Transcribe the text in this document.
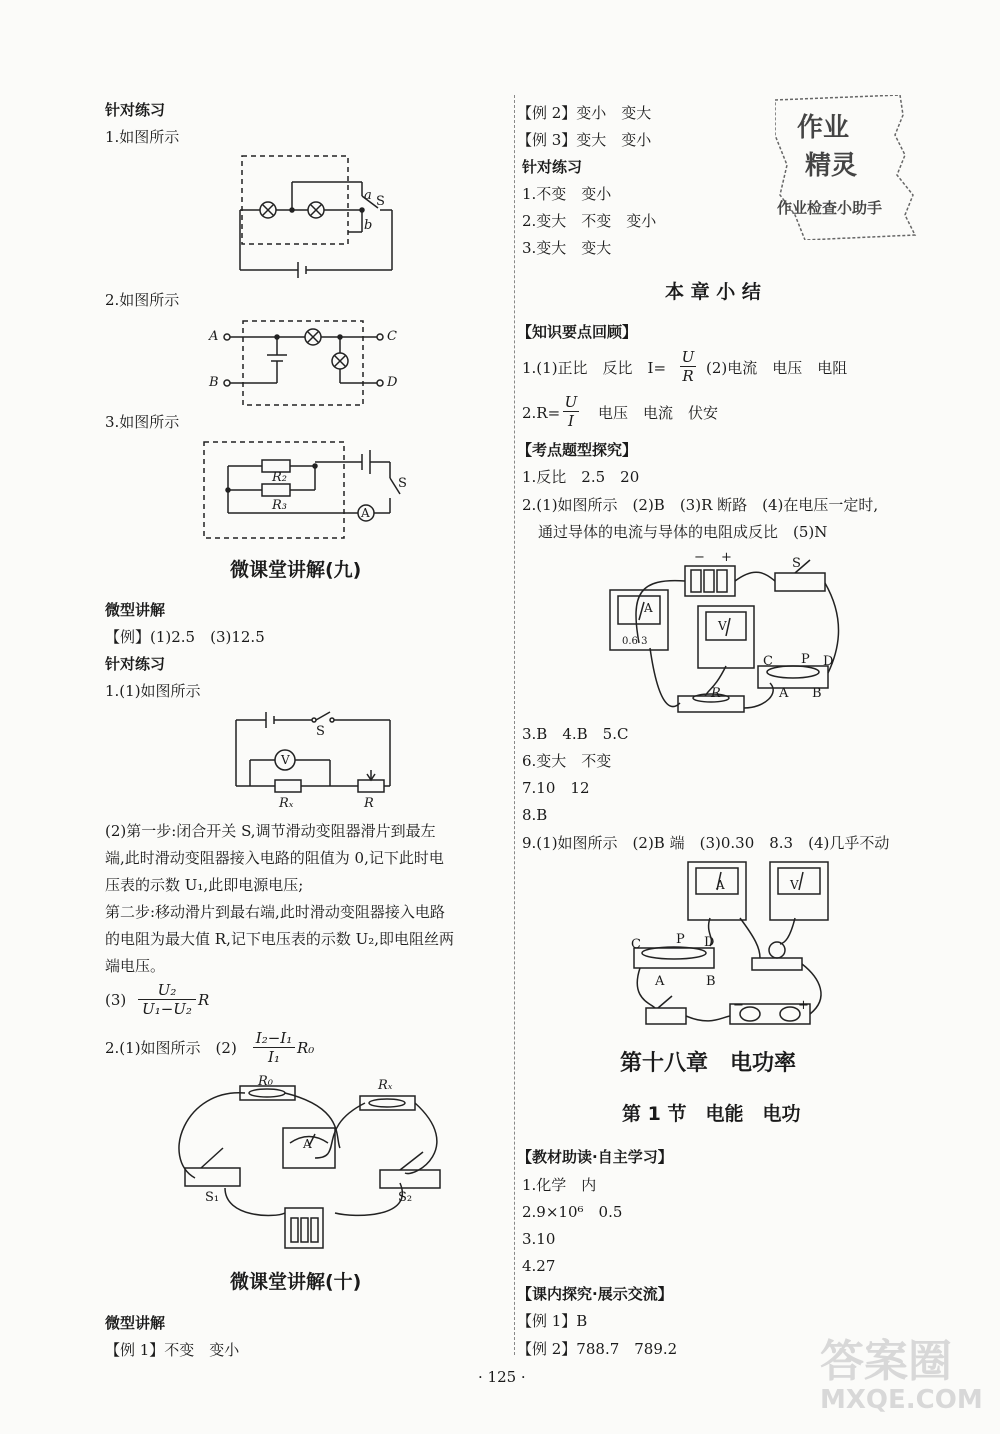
针对练习
1.如图所示
a
b
S
2.如图所示
A
B
C
D
3.如图所示
R₂
R₃
S
A
微课堂讲解(九)
微型讲解
【例】(1)2.5　(3)12.5
针对练习
1.(1)如图所示
V
S
Rₓ	R
(2)第一步:闭合开关 S,调节滑动变阻器滑片到最左
端,此时滑动变阻器接入电路的阻值为 0,记下此时电
压表的示数 U₁,此即电源电压;
第二步:移动滑片到最右端,此时滑动变阻器接入电路
的电阻为最大值 R,记下电压表的示数 U₂,即电阻丝两
端电压。
$(3) \frac{\text{U₂}}{\text{U₁−U₂}}$ R
2.(1)如图所示　$(2) \frac{\text{I₂−I₁}}{\text{I₁}} R_0$
R₀	Rₓ
A
S₁	S₂
微课堂讲解(十)
微型讲解
【例 1】不变　变小
【例 2】变小　变大
【例 3】变大　变小
针对练习
1.不变　变小
2.变大　不变　变小
3.变大　变大
作业
精灵
作业检查小助手
本 章 小 结
【知识要点回顾】
1.(1)正比　反比　$I= \frac{U}{R} (2)$电流　电压　电阻
$2.R= \frac{U}{I}$ 电压　电流　伏安
【考点题型探究】
1.反比　2.5　20
2.(1)如图所示　(2)B　(3)R 断路　(4)在电压一定时,
通过导体的电流与导体的电阻成反比　(5)N
− +	S
A
V
0.6 3
C P D
A B
R
3.B　4.B　5.C
6.变大　不变
7.10　12
8.B
9.(1)如图所示　(2)B 端　(3)0.30　8.3　(4)几乎不动
A	V
C	P D
A	B
−	+
第十八章　电功率
第 1 节　电能　电功
【教材助读·自主学习】
1.化学　内
2.9×10⁶　0.5
3.10
4.27
【课内探究·展示交流】
【例 1】B
【例 2】788.7　789.2
· 125 ·	答案圈
MXQE.COM
